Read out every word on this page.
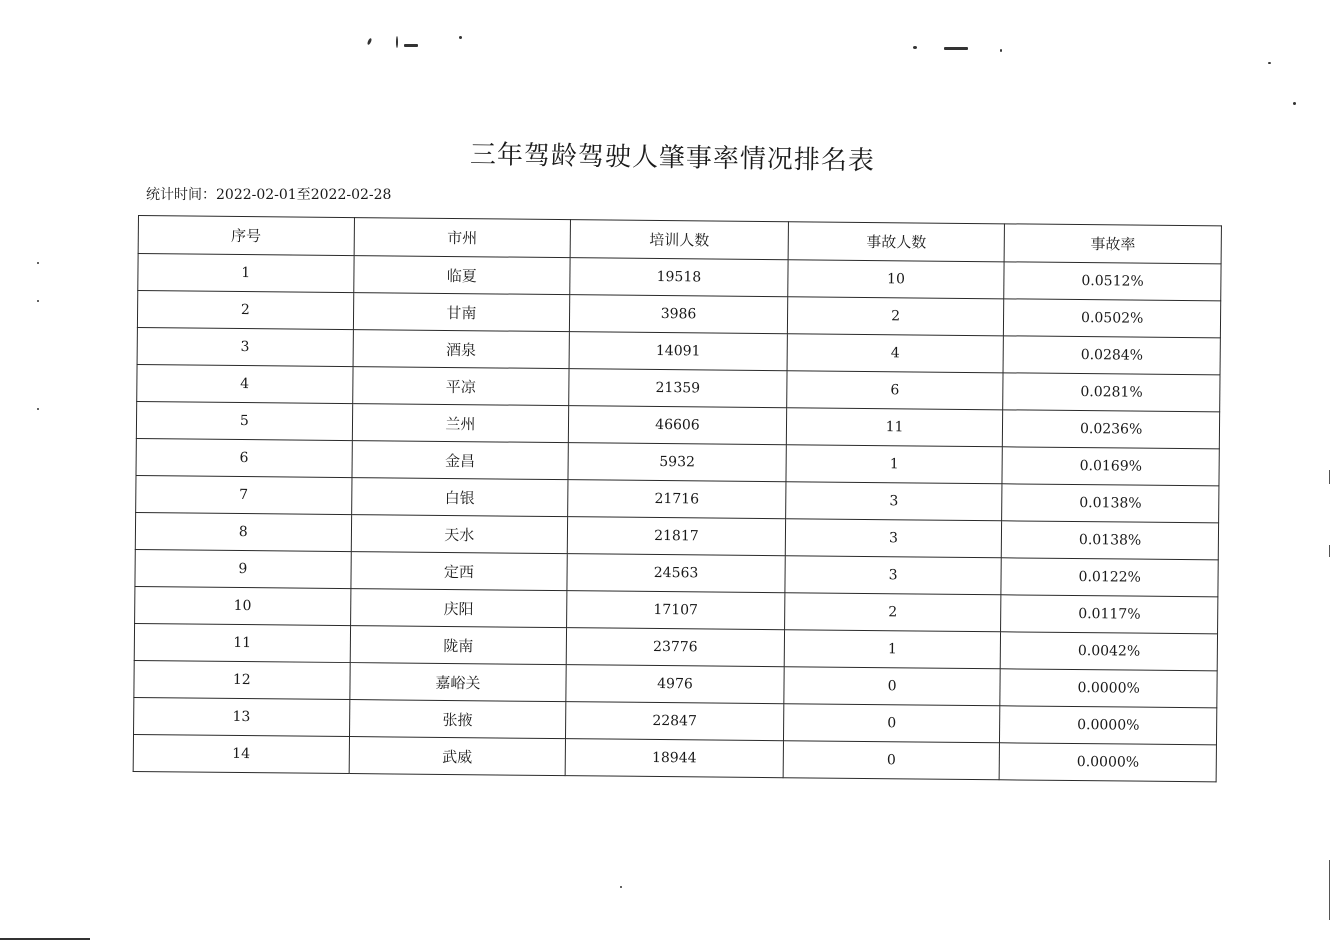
三年驾龄驾驶人肇事率情况排名表
统计时间：2022-02-01至2022-02-28
序号	市州	培训人数	事故人数	事故率
1	临夏	19518	10	0.0512%
2	甘南	3986	2	0.0502%
3	酒泉	14091	4	0.0284%
4	平凉	21359	6	0.0281%
5	兰州	46606	11	0.0236%
6	金昌	5932	1	0.0169%
7	白银	21716	3	0.0138%
8	天水	21817	3	0.0138%
9	定西	24563	3	0.0122%
10	庆阳	17107	2	0.0117%
11	陇南	23776	1	0.0042%
12	嘉峪关	4976	0	0.0000%
13	张掖	22847	0	0.0000%
14	武威	18944	0	0.0000%
